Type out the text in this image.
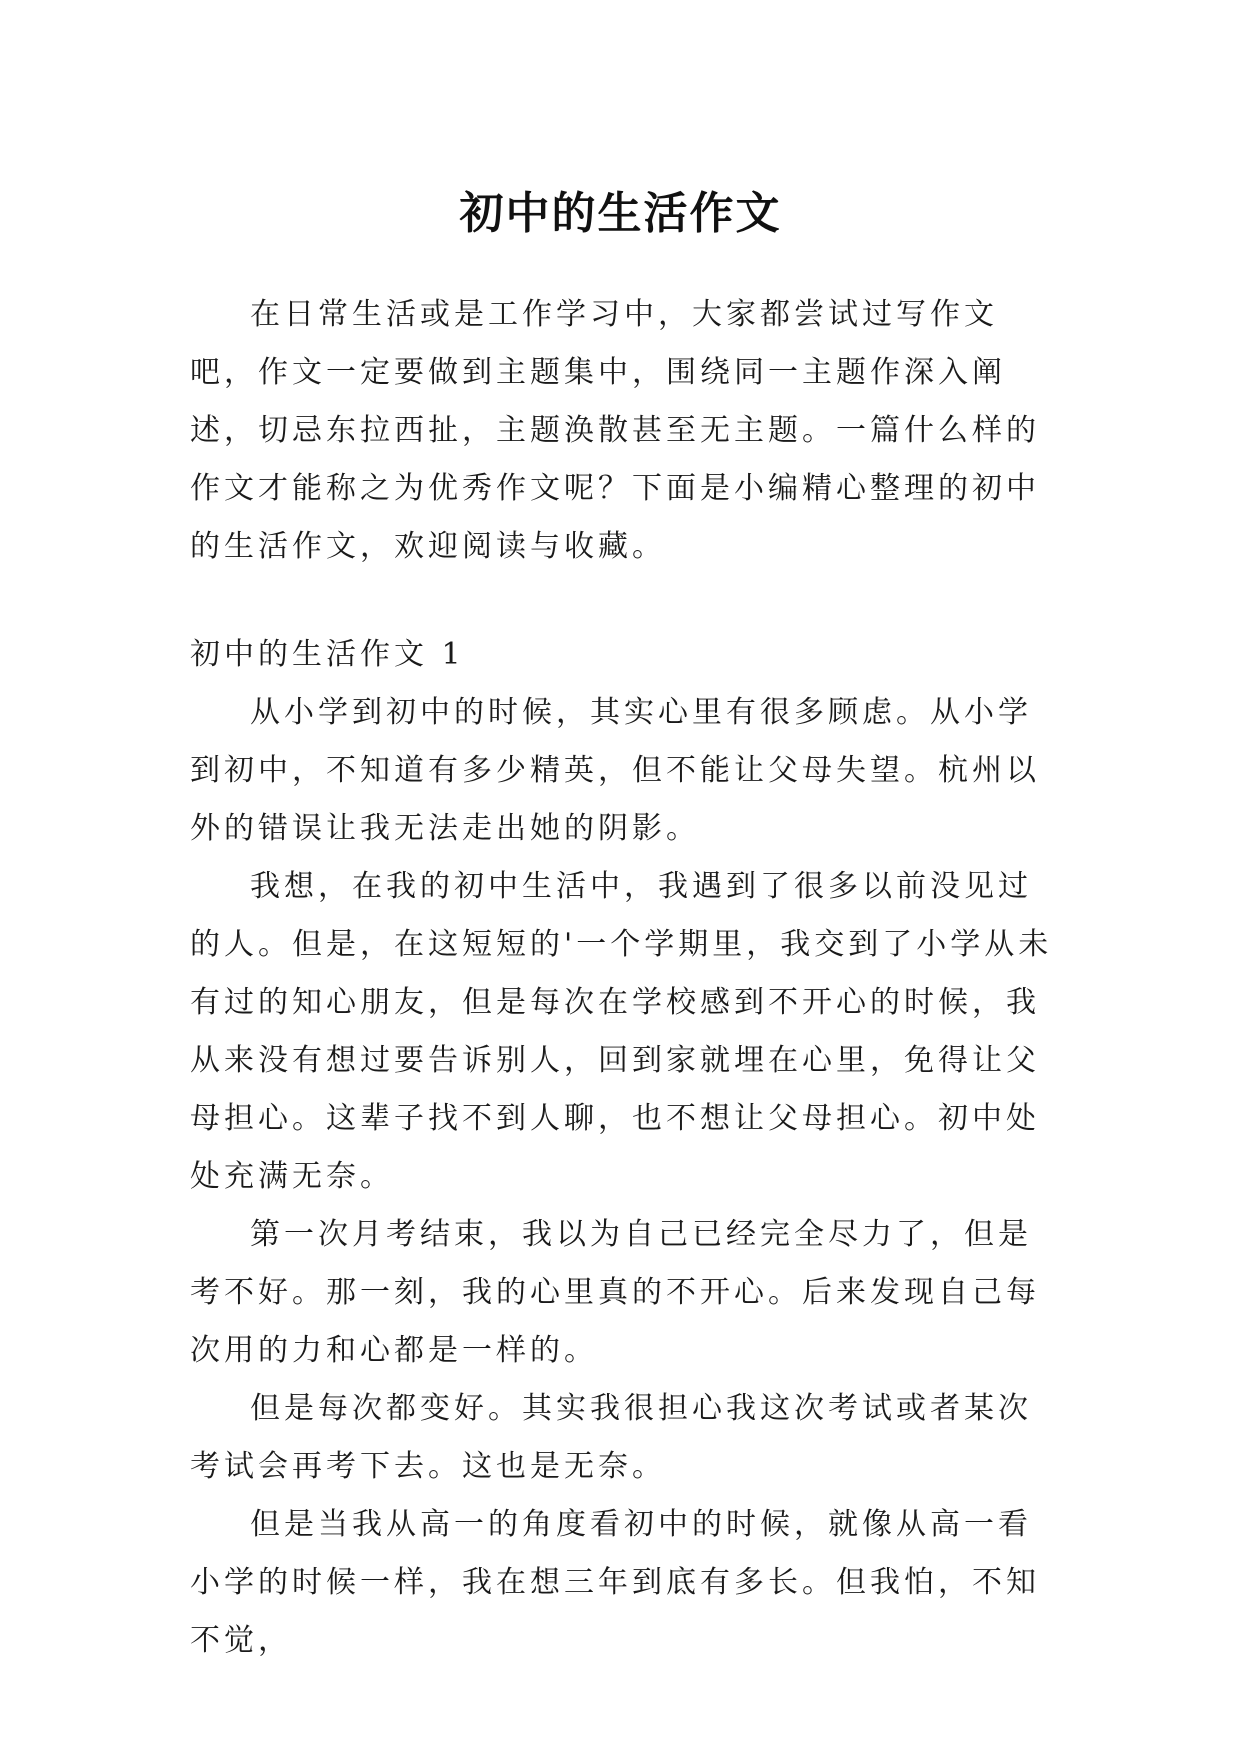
初中的生活作文

在日常生活或是工作学习中，大家都尝试过写作文吧，作文一定要做到主题集中，围绕同一主题作深入阐述，切忌东拉西扯，主题涣散甚至无主题。一篇什么样的作文才能称之为优秀作文呢？下面是小编精心整理的初中的生活作文，欢迎阅读与收藏。

初中的生活作文 1

从小学到初中的时候，其实心里有很多顾虑。从小学到初中，不知道有多少精英，但不能让父母失望。杭州以外的错误让我无法走出她的阴影。

我想，在我的初中生活中，我遇到了很多以前没见过的人。但是，在这短短的'一个学期里，我交到了小学从未有过的知心朋友，但是每次在学校感到不开心的时候，我从来没有想过要告诉别人，回到家就埋在心里，免得让父母担心。这辈子找不到人聊，也不想让父母担心。初中处处充满无奈。

第一次月考结束，我以为自己已经完全尽力了，但是考不好。那一刻，我的心里真的不开心。后来发现自己每次用的力和心都是一样的。

但是每次都变好。其实我很担心我这次考试或者某次考试会再考下去。这也是无奈。

但是当我从高一的角度看初中的时候，就像从高一看小学的时候一样，我在想三年到底有多长。但我怕，不知不觉，
